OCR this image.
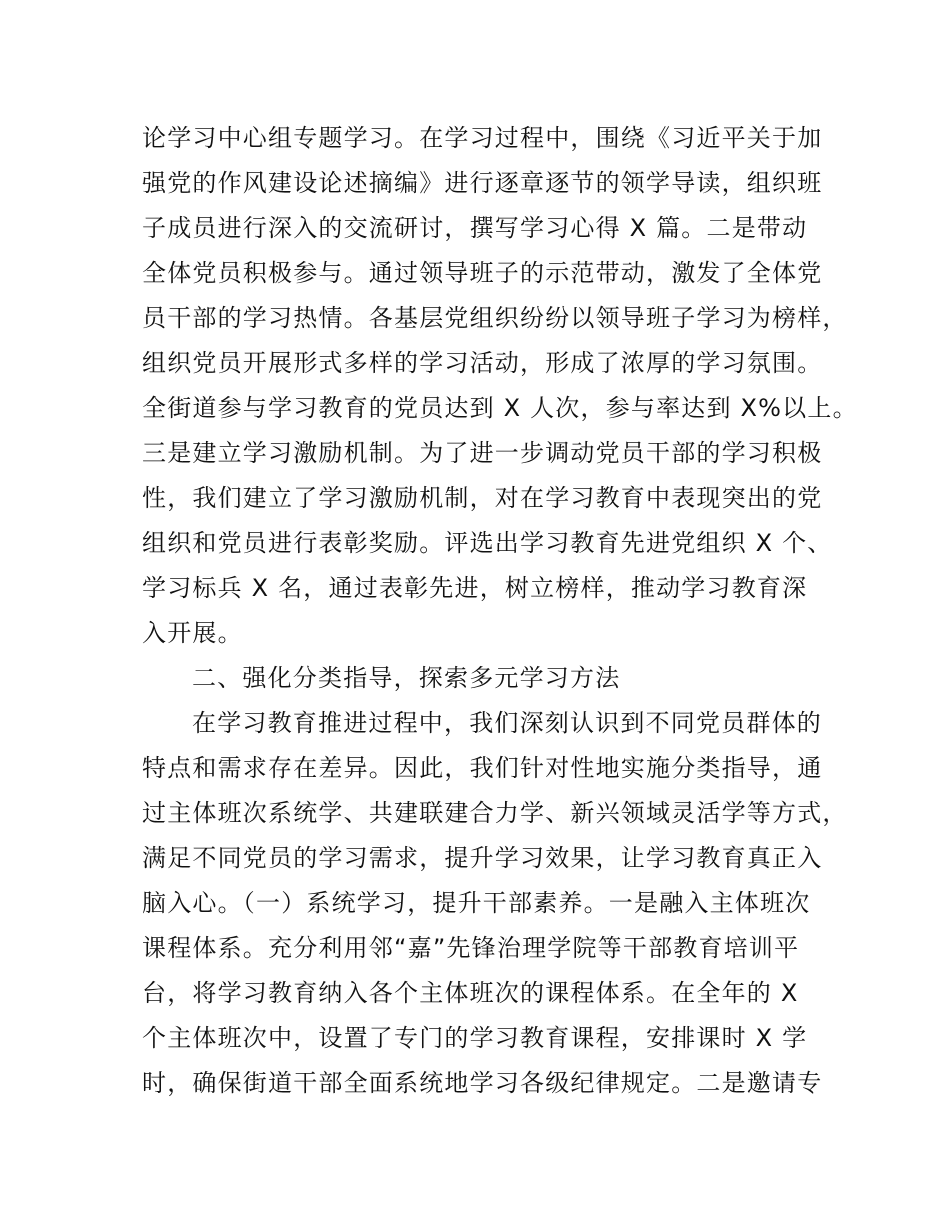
论学习中心组专题学习。在学习过程中，围绕《习近平关于加
强党的作风建设论述摘编》进行逐章逐节的领学导读，组织班
子成员进行深入的交流研讨，撰写学习心得 X 篇。二是带动
全体党员积极参与。通过领导班子的示范带动，激发了全体党
员干部的学习热情。各基层党组织纷纷以领导班子学习为榜样，
组织党员开展形式多样的学习活动，形成了浓厚的学习氛围。
全街道参与学习教育的党员达到 X 人次，参与率达到 X%以上。
三是建立学习激励机制。为了进一步调动党员干部的学习积极
性，我们建立了学习激励机制，对在学习教育中表现突出的党
组织和党员进行表彰奖励。评选出学习教育先进党组织 X 个、
学习标兵 X 名，通过表彰先进，树立榜样，推动学习教育深
入开展。
二、强化分类指导，探索多元学习方法
在学习教育推进过程中，我们深刻认识到不同党员群体的
特点和需求存在差异。因此，我们针对性地实施分类指导，通
过主体班次系统学、共建联建合力学、新兴领域灵活学等方式，
满足不同党员的学习需求，提升学习效果，让学习教育真正入
脑入心。（一）系统学习，提升干部素养。一是融入主体班次
课程体系。充分利用邻“嘉”先锋治理学院等干部教育培训平
台，将学习教育纳入各个主体班次的课程体系。在全年的 X
个主体班次中，设置了专门的学习教育课程，安排课时 X 学
时，确保街道干部全面系统地学习各级纪律规定。二是邀请专
